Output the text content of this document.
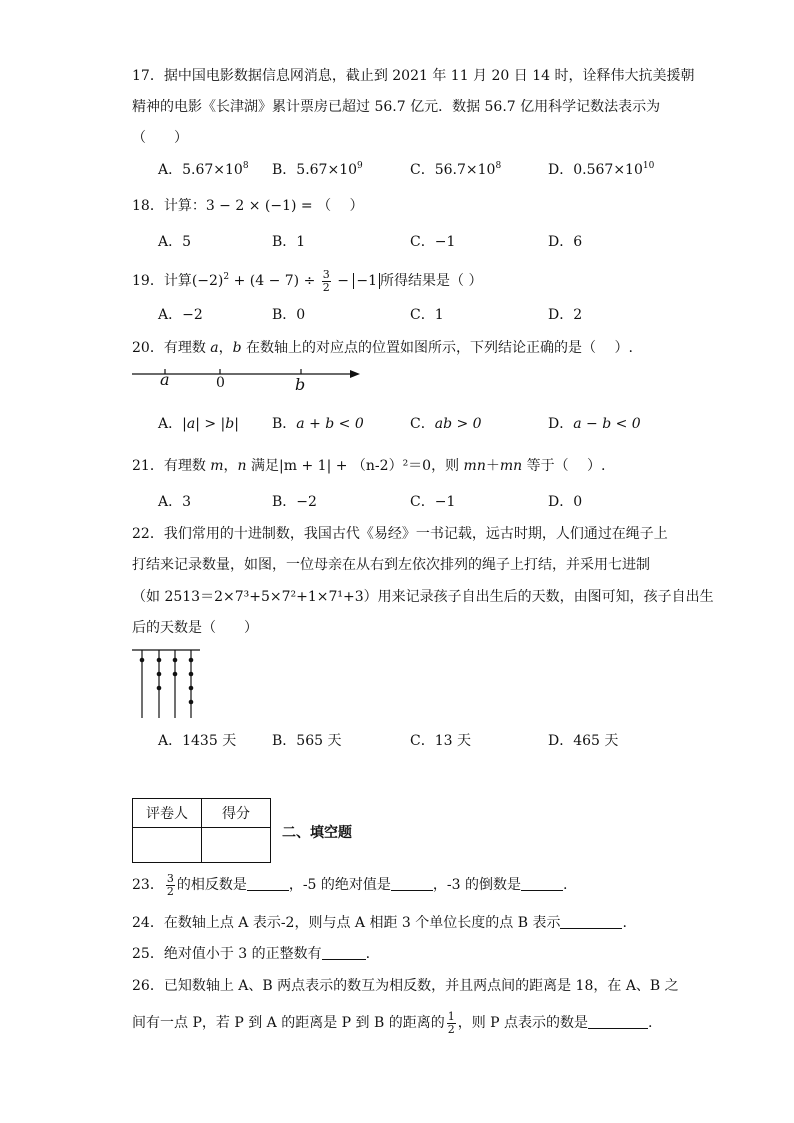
17．据中国电影数据信息网消息，截止到 2021 年 11 月 20 日 14 时，诠释伟大抗美援朝
精神的电影《长津湖》累计票房已超过 56.7 亿元．数据 56.7 亿用科学记数法表示为
（　　）
A．$5.67\times 10^8$ B．$5.67\times 10^9$	C．$56.7\times 10^8$	D．$0.567\times 10^{10}$
18．计算：3 − 2 × (−1) = （　 ）
A．5	B．1	C．−1	D．6
19．计算$(-2)^2 + (4 - 7) \div \frac{3}{2} - -1$ 所得结果是（ ）
A．−2	B．0	C．1	D．2
20．有理数 a，b 在数轴上的对应点的位置如图所示，下列结论正确的是（　 ）.
a	0	b
A．|a| > |b| B．a + b < 0	C．ab > 0	D．a − b < 0
21．有理数 m，n 满足|m + 1| + （n-2）²＝0，则 mn＋mn 等于（　 ）.
A．3	B．−2	C．−1	D．0
22．我们常用的十进制数，我国古代《易经》一书记载，远古时期，人们通过在绳子上
打结来记录数量，如图，一位母亲在从右到左依次排列的绳子上打结，并采用七进制
（如 2513＝2×7³+5×7²+1×7¹+3）用来记录孩子自出生后的天数，由图可知，孩子自出生
后的天数是（　　）
A．1435 天	B．565 天	C．13 天	D．465 天
评卷人	得分

二、填空题
23． $\frac{3}{2}$ 的相反数是	，-5 的绝对值是	，-3 的倒数是	.
24．在数轴上点 A 表示-2，则与点 A 相距 3 个单位长度的点 B 表示	.
25．绝对值小于 3 的正整数有	.
26．已知数轴上 A、B 两点表示的数互为相反数，并且两点间的距离是 18，在 A、B 之
间有一点 P，若 P 到 A 的距离是 P 到 B 的距离的 $\frac{1}{2}$ ，则 P 点表示的数是	.
